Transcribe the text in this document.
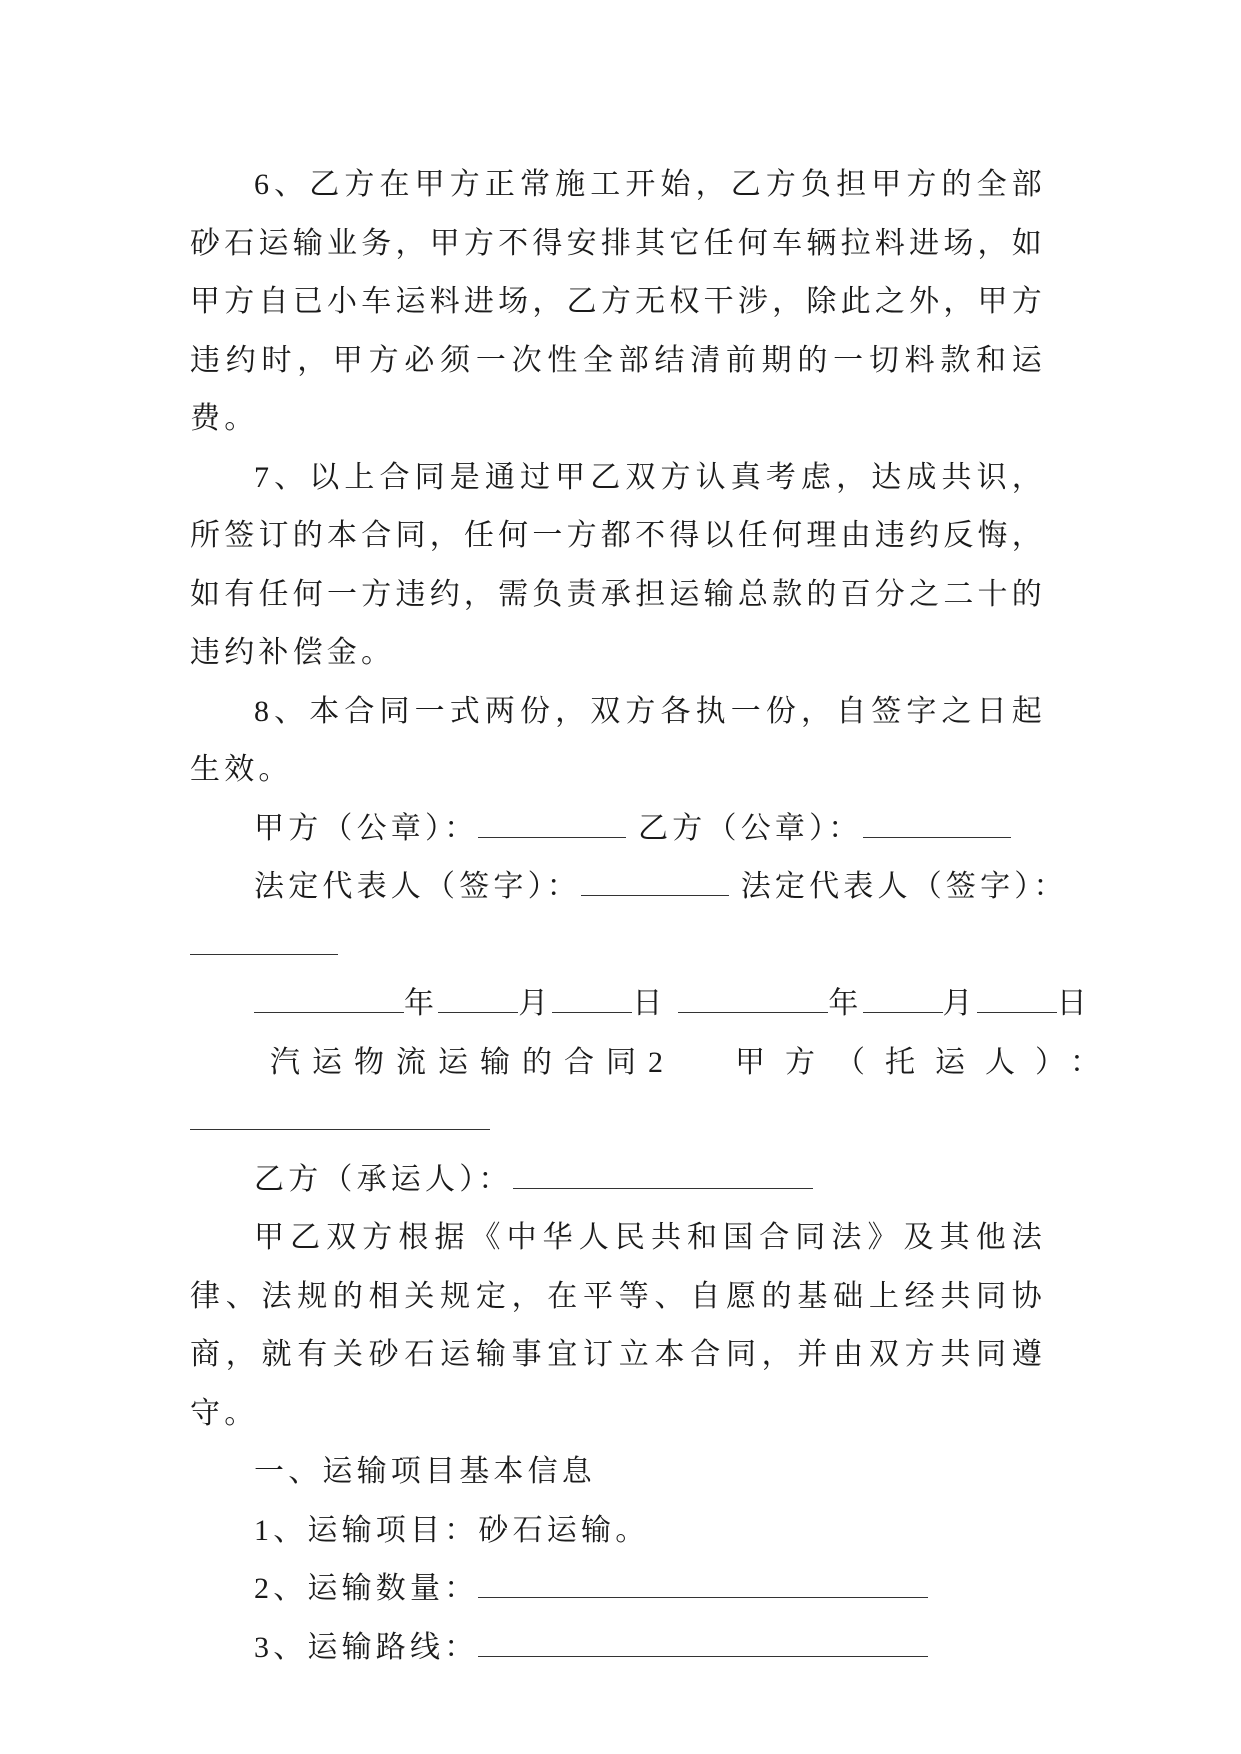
6、乙方在甲方正常施工开始，乙方负担甲方的全部砂石运输业务，甲方不得安排其它任何车辆拉料进场，如甲方自已小车运料进场，乙方无权干涉，除此之外，甲方违约时，甲方必须一次性全部结清前期的一切料款和运费。

7、以上合同是通过甲乙双方认真考虑，达成共识，所签订的本合同，任何一方都不得以任何理由违约反悔，如有任何一方违约，需负责承担运输总款的百分之二十的违约补偿金。

8、本合同一式两份，双方各执一份，自签字之日起生效。

甲方（公章）：	乙方（公章）：
法定代表人（签字）：	法定代表人（签字）：
年	月	日	年	月	日
汽运物流运输的合同2 甲方（托运人）：
乙方（承运人）：

甲乙双方根据《中华人民共和国合同法》及其他法律、法规的相关规定，在平等、自愿的基础上经共同协商，就有关砂石运输事宜订立本合同，并由双方共同遵守。

一、运输项目基本信息
1、运输项目：砂石运输。
2、运输数量：
3、运输路线：
